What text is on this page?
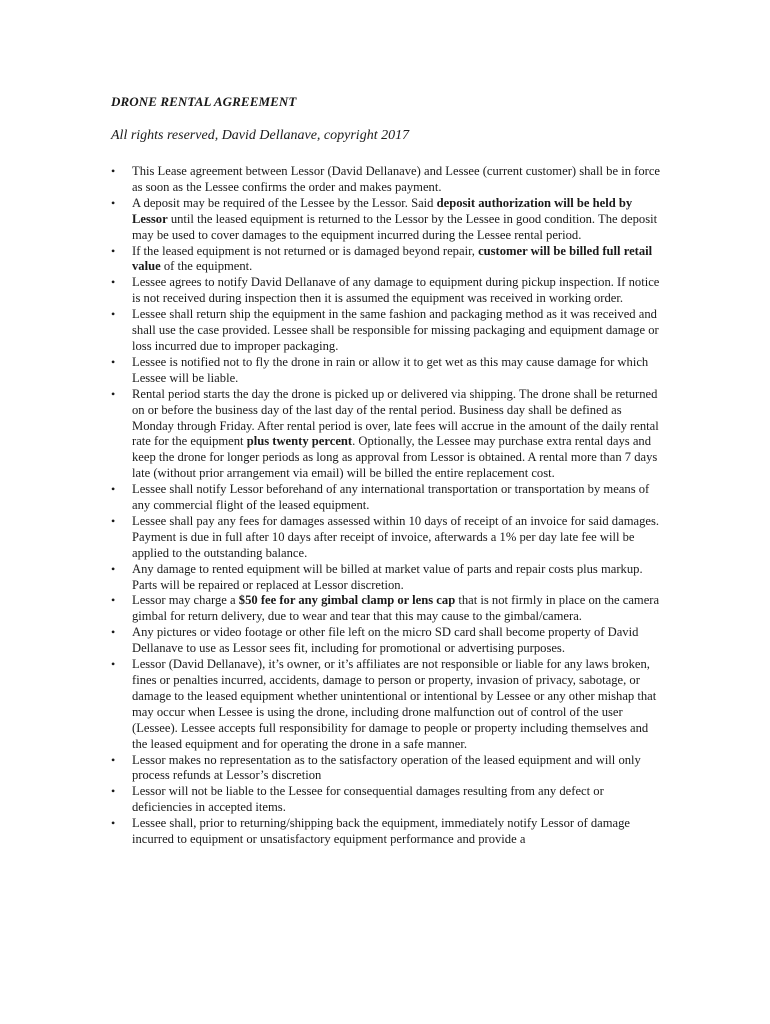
DRONE RENTAL AGREEMENT
All rights reserved, David Dellanave, copyright 2017
• This Lease agreement between Lessor (David Dellanave) and Lessee (current customer) shall be in force as soon as the Lessee confirms the order and makes payment.
• A deposit may be required of the Lessee by the Lessor. Said deposit authorization will be held by Lessor until the leased equipment is returned to the Lessor by the Lessee in good condition. The deposit may be used to cover damages to the equipment incurred during the Lessee rental period.
• If the leased equipment is not returned or is damaged beyond repair, customer will be billed full retail value of the equipment.
• Lessee agrees to notify David Dellanave of any damage to equipment during pickup inspection. If notice is not received during inspection then it is assumed the equipment was received in working order.
• Lessee shall return ship the equipment in the same fashion and packaging method as it was received and shall use the case provided. Lessee shall be responsible for missing packaging and equipment damage or loss incurred due to improper packaging.
• Lessee is notified not to fly the drone in rain or allow it to get wet as this may cause damage for which Lessee will be liable.
• Rental period starts the day the drone is picked up or delivered via shipping. The drone shall be returned on or before the business day of the last day of the rental period. Business day shall be defined as Monday through Friday. After rental period is over, late fees will accrue in the amount of the daily rental rate for the equipment plus twenty percent. Optionally, the Lessee may purchase extra rental days and keep the drone for longer periods as long as approval from Lessor is obtained. A rental more than 7 days late (without prior arrangement via email) will be billed the entire replacement cost.
• Lessee shall notify Lessor beforehand of any international transportation or transportation by means of any commercial flight of the leased equipment.
• Lessee shall pay any fees for damages assessed within 10 days of receipt of an invoice for said damages. Payment is due in full after 10 days after receipt of invoice, afterwards a 1% per day late fee will be applied to the outstanding balance.
• Any damage to rented equipment will be billed at market value of parts and repair costs plus markup. Parts will be repaired or replaced at Lessor discretion.
• Lessor may charge a $50 fee for any gimbal clamp or lens cap that is not firmly in place on the camera gimbal for return delivery, due to wear and tear that this may cause to the gimbal/camera.
• Any pictures or video footage or other file left on the micro SD card shall become property of David Dellanave to use as Lessor sees fit, including for promotional or advertising purposes.
• Lessor (David Dellanave), it’s owner, or it’s affiliates are not responsible or liable for any laws broken, fines or penalties incurred, accidents, damage to person or property, invasion of privacy, sabotage, or damage to the leased equipment whether unintentional or intentional by Lessee or any other mishap that may occur when Lessee is using the drone, including drone malfunction out of control of the user (Lessee). Lessee accepts full responsibility for damage to people or property including themselves and the leased equipment and for operating the drone in a safe manner.
• Lessor makes no representation as to the satisfactory operation of the leased equipment and will only process refunds at Lessor’s discretion
• Lessor will not be liable to the Lessee for consequential damages resulting from any defect or deficiencies in accepted items.
• Lessee shall, prior to returning/shipping back the equipment, immediately notify Lessor of damage incurred to equipment or unsatisfactory equipment performance and provide a
